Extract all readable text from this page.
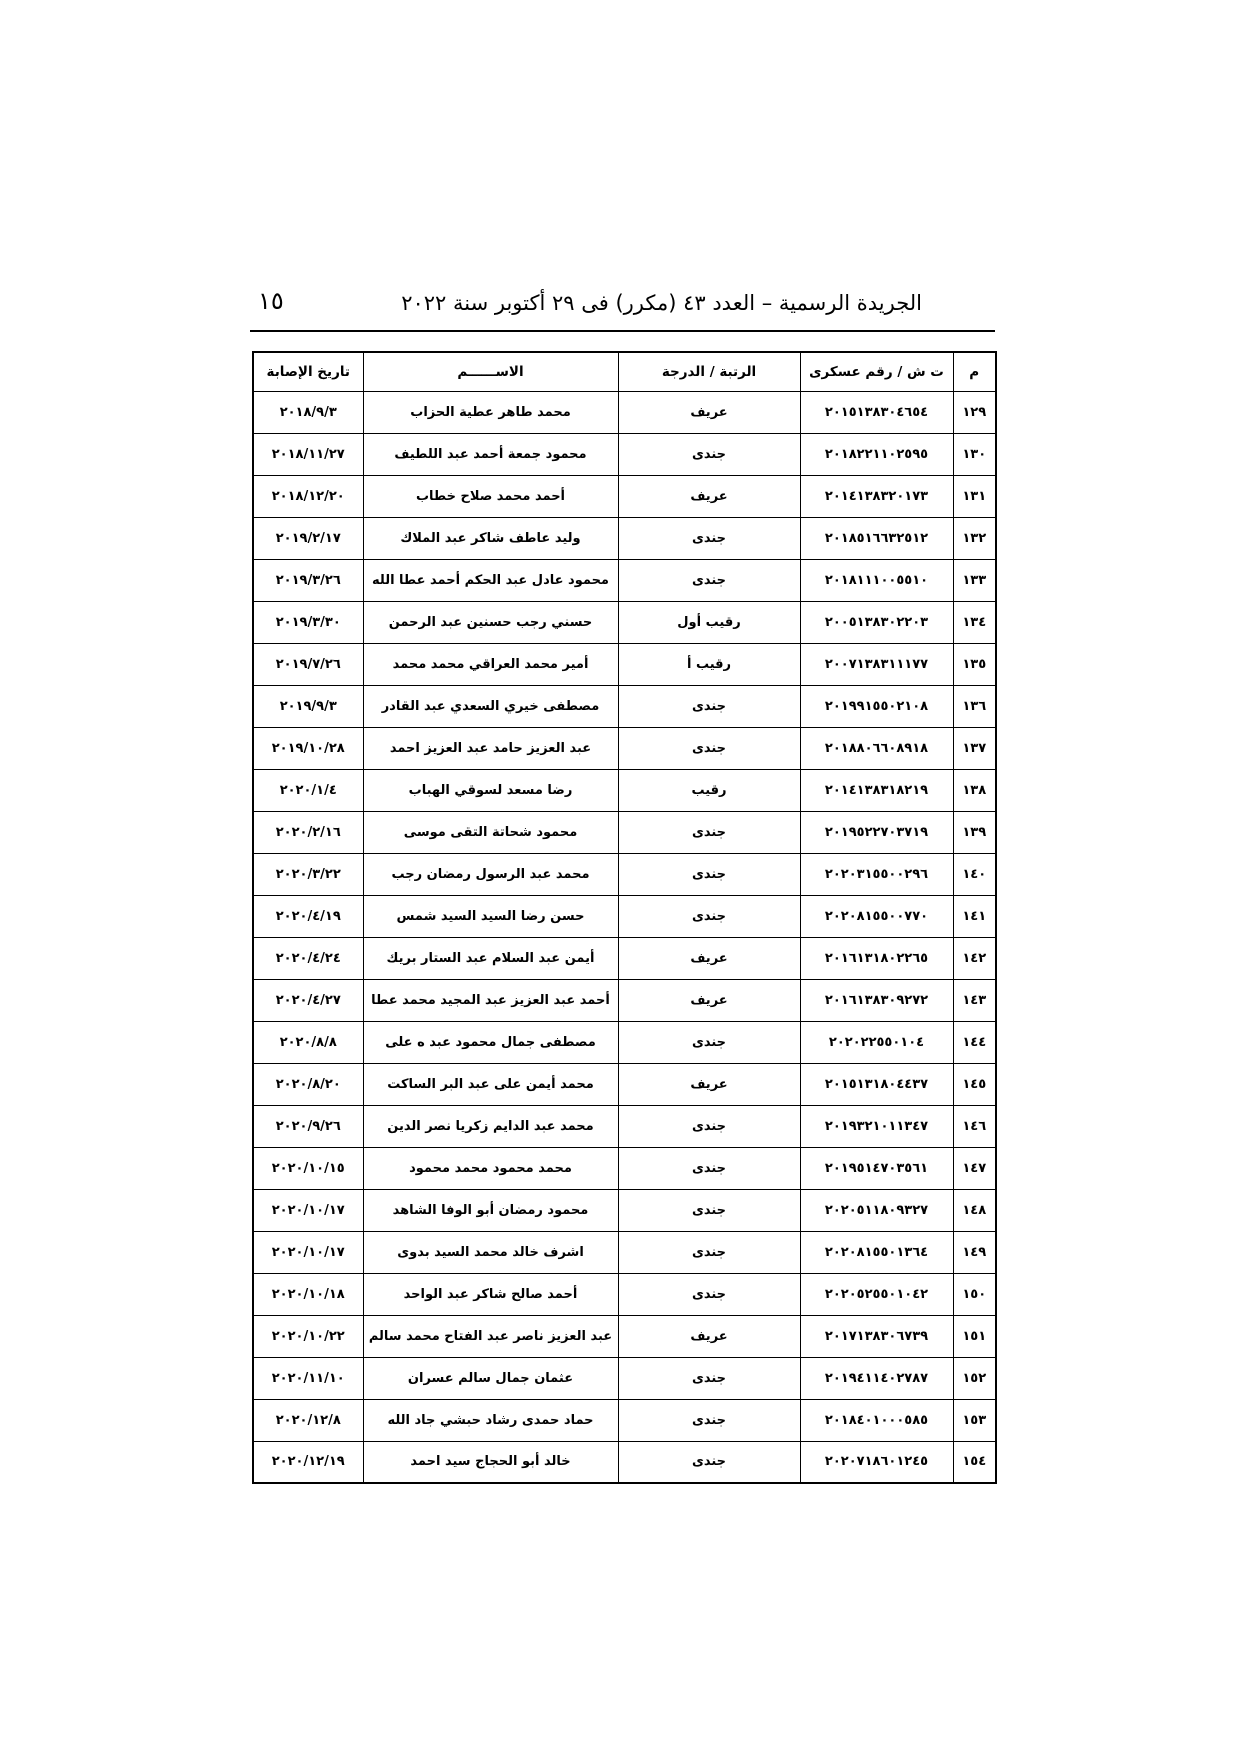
الجريدة الرسمية – العدد ٤٣ (مكرر) فى ٢٩ أكتوبر سنة ٢٠٢٢
١٥
م	ت ش / رقم عسكرى	الرتبة / الدرجة	الاســــــم	تاريخ الإصابة
١٢٩	٢٠١٥١٣٨٣٠٤٦٥٤	عريف	محمد طاهر عطية الحزاب	٢٠١٨/٩/٣
١٣٠	٢٠١٨٢٢١١٠٢٥٩٥	جندى	محمود جمعة أحمد عبد اللطيف	٢٠١٨/١١/٢٧
١٣١	٢٠١٤١٣٨٣٢٠١٧٣	عريف	أحمد محمد صلاح خطاب	٢٠١٨/١٢/٢٠
١٣٢	٢٠١٨٥١٦٦٣٢٥١٢	جندى	وليد عاطف شاكر عبد الملاك	٢٠١٩/٢/١٧
١٣٣	٢٠١٨١١١٠٠٥٥١٠	جندى	محمود عادل عبد الحكم أحمد عطا الله	٢٠١٩/٣/٢٦
١٣٤	٢٠٠٥١٣٨٣٠٢٢٠٣	رقيب أول	حسني رجب حسنين عبد الرحمن	٢٠١٩/٣/٣٠
١٣٥	٢٠٠٧١٣٨٣١١١٧٧	رقيب أ	أمير محمد العراقي محمد محمد	٢٠١٩/٧/٢٦
١٣٦	٢٠١٩٩١٥٥٠٢١٠٨	جندى	مصطفى خيري السعدي عبد القادر	٢٠١٩/٩/٣
١٣٧	٢٠١٨٨٠٦٦٠٨٩١٨	جندى	عبد العزيز حامد عبد العزيز احمد	٢٠١٩/١٠/٢٨
١٣٨	٢٠١٤١٣٨٣١٨٢١٩	رقيب	رضا مسعد لسوقي الهباب	٢٠٢٠/١/٤
١٣٩	٢٠١٩٥٢٢٧٠٣٧١٩	جندى	محمود شحاتة التقى موسى	٢٠٢٠/٢/١٦
١٤٠	٢٠٢٠٣١٥٥٠٠٢٩٦	جندى	محمد عبد الرسول رمضان رجب	٢٠٢٠/٣/٢٢
١٤١	٢٠٢٠٨١٥٥٠٠٧٧٠	جندى	حسن رضا السيد السيد شمس	٢٠٢٠/٤/١٩
١٤٢	٢٠١٦١٣١٨٠٢٢٦٥	عريف	أيمن عبد السلام عبد الستار بريك	٢٠٢٠/٤/٢٤
١٤٣	٢٠١٦١٣٨٣٠٩٢٧٢	عريف	أحمد عبد العزيز عبد المجيد محمد عطا	٢٠٢٠/٤/٢٧
١٤٤	٢٠٢٠٢٢٥٥٠١٠٤	جندى	مصطفى جمال محمود عبد ه على	٢٠٢٠/٨/٨
١٤٥	٢٠١٥١٣١٨٠٤٤٣٧	عريف	محمد أيمن على عبد البر الساكت	٢٠٢٠/٨/٢٠
١٤٦	٢٠١٩٣٢١٠١١٣٤٧	جندى	محمد عبد الدايم زكريا نصر الدين	٢٠٢٠/٩/٢٦
١٤٧	٢٠١٩٥١٤٧٠٣٥٦١	جندى	محمد محمود محمد محمود	٢٠٢٠/١٠/١٥
١٤٨	٢٠٢٠٥١١٨٠٩٣٢٧	جندى	محمود رمضان أبو الوفا الشاهد	٢٠٢٠/١٠/١٧
١٤٩	٢٠٢٠٨١٥٥٠١٣٦٤	جندى	اشرف خالد محمد السيد بدوى	٢٠٢٠/١٠/١٧
١٥٠	٢٠٢٠٥٢٥٥٠١٠٤٢	جندى	أحمد صالح شاكر عبد الواحد	٢٠٢٠/١٠/١٨
١٥١	٢٠١٧١٣٨٣٠٦٧٣٩	عريف	عبد العزيز ناصر عبد الفتاح محمد سالم	٢٠٢٠/١٠/٢٢
١٥٢	٢٠١٩٤١١٤٠٢٧٨٧	جندى	عثمان جمال سالم عسران	٢٠٢٠/١١/١٠
١٥٣	٢٠١٨٤٠١٠٠٠٥٨٥	جندى	حماد حمدى رشاد حبشي جاد الله	٢٠٢٠/١٢/٨
١٥٤	٢٠٢٠٧١٨٦٠١٢٤٥	جندى	خالد أبو الحجاج سيد احمد	٢٠٢٠/١٢/١٩
